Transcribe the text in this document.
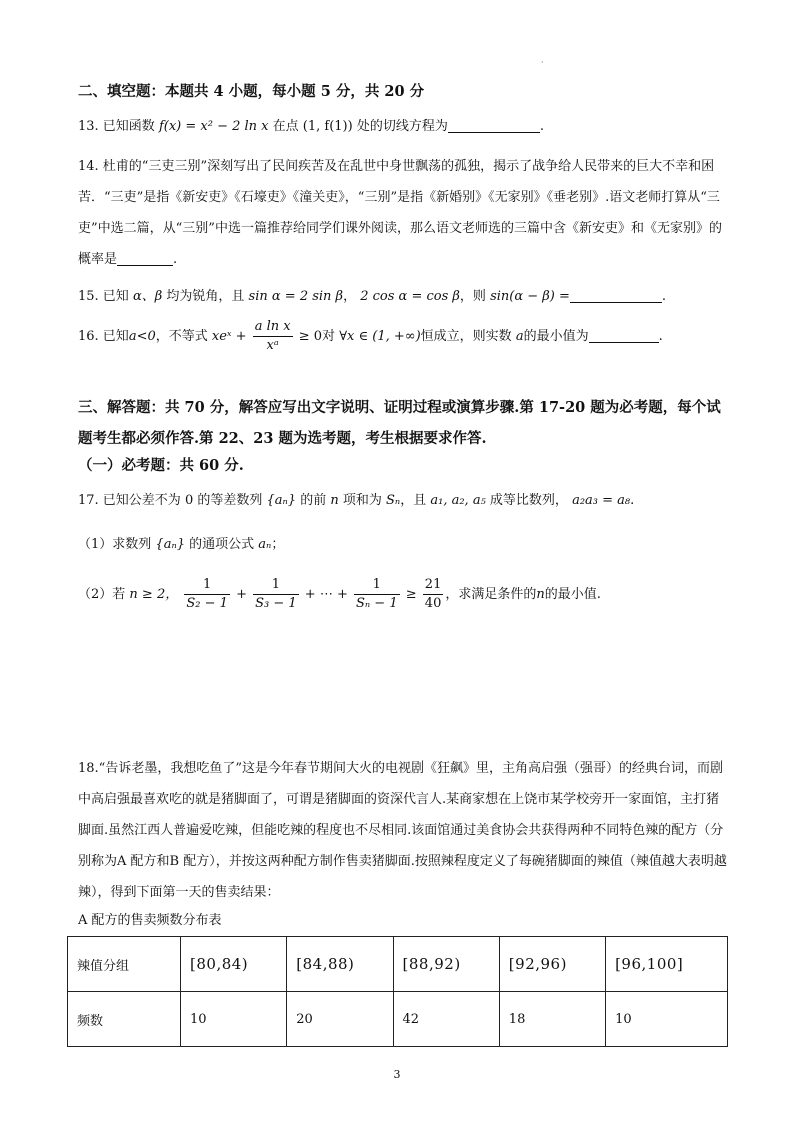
·
二、填空题：本题共 4 小题，每小题 5 分，共 20 分
13. 已知函数 f(x) = x² − 2 ln x 在点 (1, f(1)) 处的切线方程为	.
14. 杜甫的“三吏三别”深刻写出了民间疾苦及在乱世中身世飘荡的孤独，揭示了战争给人民带来的巨大不幸和困苦．“三吏”是指《新安吏》《石壕吏》《潼关吏》，“三别”是指《新婚别》《无家别》《垂老别》.语文老师打算从“三吏”中选二篇，从“三别”中选一篇推荐给同学们课外阅读，那么语文老师选的三篇中含《新安吏》和《无家别》的概率是	.
15. 已知 α、β 均为锐角，且 sin α = 2 sin β， 2 cos α = cos β，则 sin(α − β) =	.
16. 已知a<0，不等式 xeˣ + $\frac{\text{a ln x}}{\text{xᵃ}} \ge 0$对 ∀x ∈ (1, +∞)恒成立，则实数 a的最小值为	.
三、解答题：共 70 分，解答应写出文字说明、证明过程或演算步骤.第 17-20 题为必考题，每个试题考生都必须作答.第 22、23 题为选考题，考生根据要求作答.
（一）必考题：共 60 分.
17. 已知公差不为 0 的等差数列 {aₙ} 的前 n 项和为 Sₙ，且 a₁, a₂, a₅ 成等比数列， a₂a₃ = a₈.
（1）求数列 {aₙ} 的通项公式 aₙ；
（2）若 n ≥ 2， $\frac{1}{\text{S₂ − 1}} + \frac{1}{\text{S₃ − 1}}$ + ⋯ + $\frac{1}{\text{Sₙ − 1}} \ge \frac{21}{40}$ ，求满足条件的n的最小值.
18.“告诉老墨，我想吃鱼了”这是今年春节期间大火的电视剧《狂飙》里，主角高启强（强哥）的经典台词，而剧中高启强最喜欢吃的就是猪脚面了，可谓是猪脚面的资深代言人.某商家想在上饶市某学校旁开一家面馆，主打猪脚面.虽然江西人普遍爱吃辣，但能吃辣的程度也不尽相同.该面馆通过美食协会共获得两种不同特色辣的配方（分别称为A 配方和B 配方），并按这两种配方制作售卖猪脚面.按照辣程度定义了每碗猪脚面的辣值（辣值越大表明越辣），得到下面第一天的售卖结果：
A 配方的售卖频数分布表
辣值分组	[80,84)	[84,88)	[88,92)	[92,96)	[96,100]
频数	10	20	42	18	10
3
